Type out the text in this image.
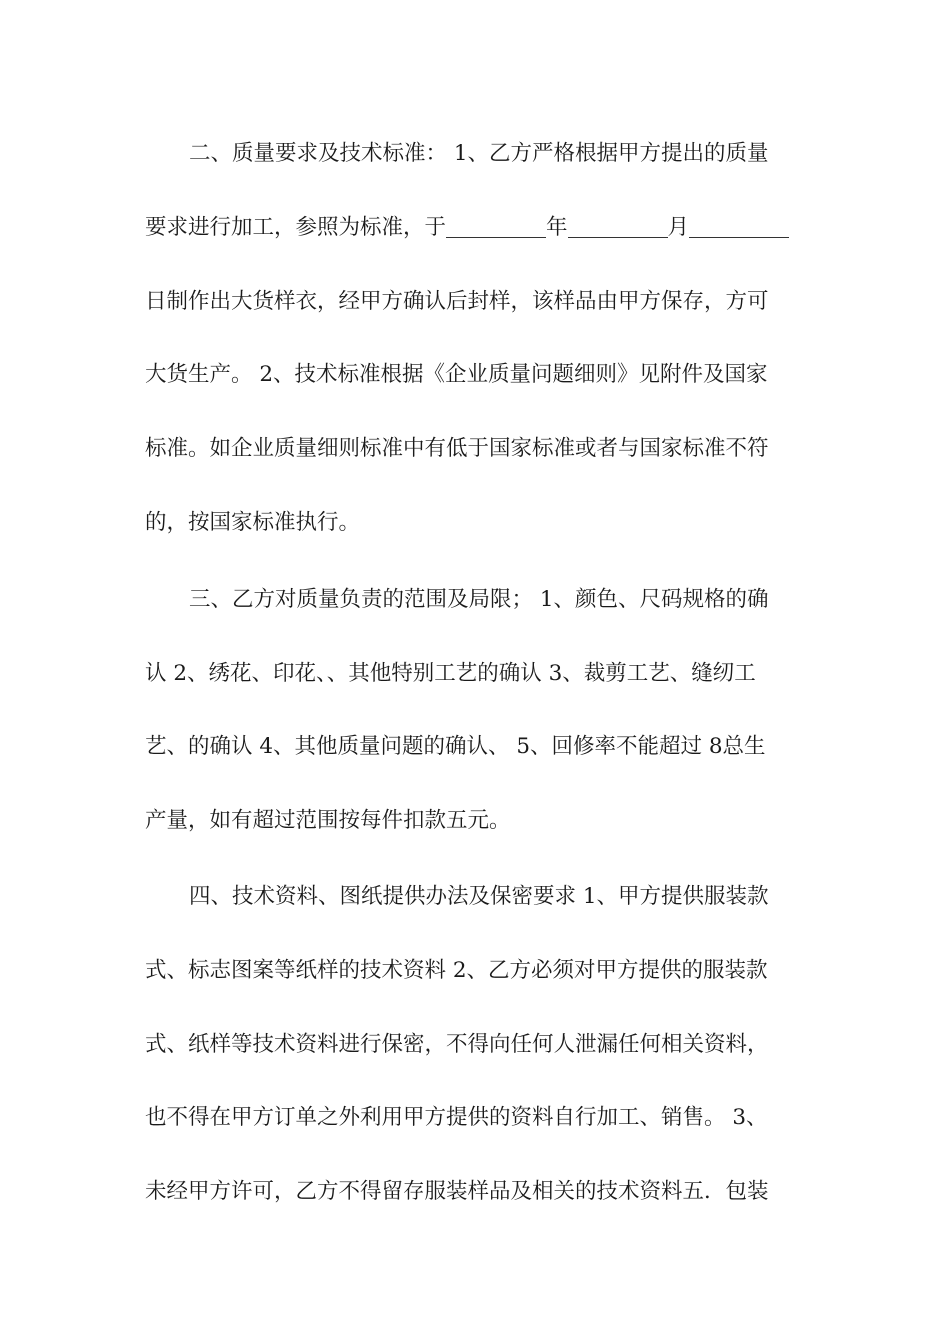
二、质量要求及技术标准： 1、乙方严格根据甲方提出的质量
要求进行加工，参照为标准，于	年	月
日制作出大货样衣，经甲方确认后封样，该样品由甲方保存，方可
大货生产。 2、技术标准根据《企业质量问题细则》见附件及国家
标准。如企业质量细则标准中有低于国家标准或者与国家标准不符
的，按国家标准执行。
三、乙方对质量负责的范围及局限； 1、颜色、尺码规格的确
认 2、绣花、印花、、其他特别工艺的确认 3、裁剪工艺、缝纫工
艺、的确认 4、其他质量问题的确认、 5、回修率不能超过 8总生
产量，如有超过范围按每件扣款五元。
四、技术资料、图纸提供办法及保密要求 1、甲方提供服装款
式、标志图案等纸样的技术资料 2、乙方必须对甲方提供的服装款
式、纸样等技术资料进行保密，不得向任何人泄漏任何相关资料，
也不得在甲方订单之外利用甲方提供的资料自行加工、销售。 3、
未经甲方许可，乙方不得留存服装样品及相关的技术资料五．包装
